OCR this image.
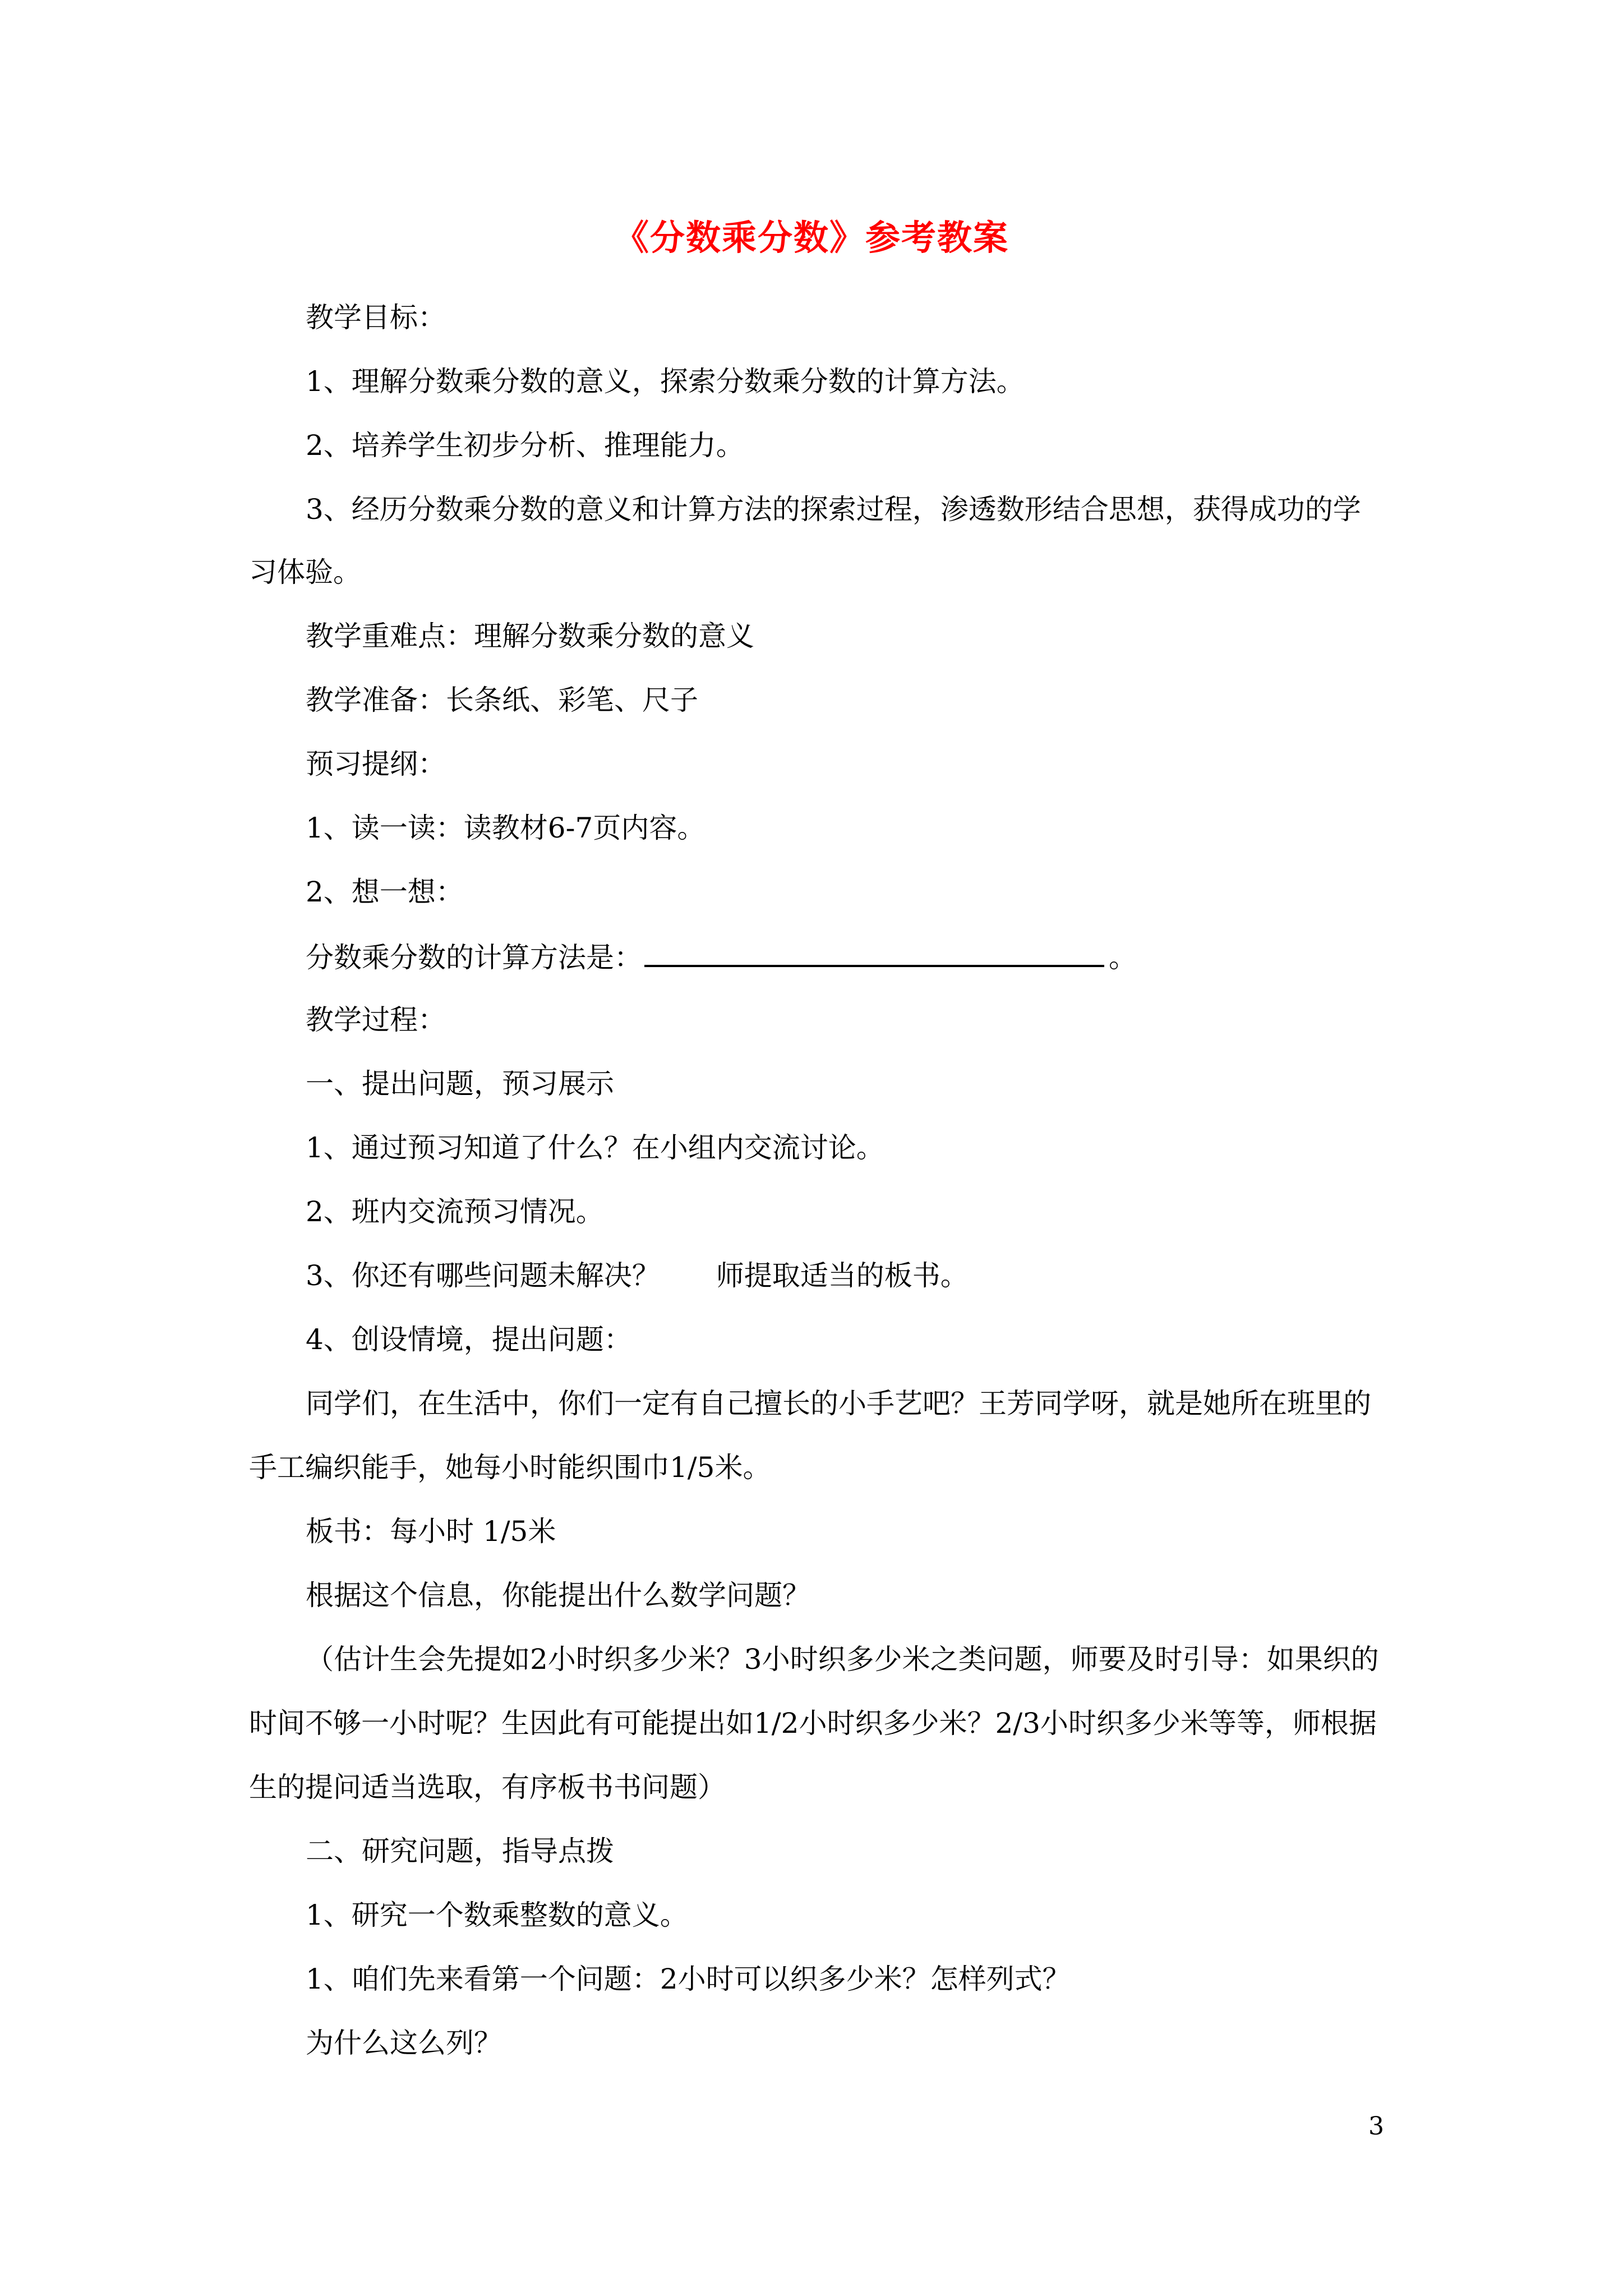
《分数乘分数》参考教案
教学目标：
1、理解分数乘分数的意义，探索分数乘分数的计算方法。
2、培养学生初步分析、推理能力。
3、经历分数乘分数的意义和计算方法的探索过程，渗透数形结合思想，获得成功的学
习体验。
教学重难点：理解分数乘分数的意义
教学准备：长条纸、彩笔、尺子
预习提纲：
1、读一读：读教材6-7页内容。
2、想一想：
分数乘分数的计算方法是：	。
教学过程：
一、提出问题，预习展示
1、通过预习知道了什么？在小组内交流讨论。
2、班内交流预习情况。
3、你还有哪些问题未解决？　　师提取适当的板书。
4、创设情境，提出问题：
同学们，在生活中，你们一定有自己擅长的小手艺吧？王芳同学呀，就是她所在班里的
手工编织能手，她每小时能织围巾1/5米。
板书：每小时 1/5米
根据这个信息，你能提出什么数学问题？
（估计生会先提如2小时织多少米？3小时织多少米之类问题，师要及时引导：如果织的
时间不够一小时呢？生因此有可能提出如1/2小时织多少米？2/3小时织多少米等等，师根据
生的提问适当选取，有序板书书问题）
二、研究问题，指导点拨
1、研究一个数乘整数的意义。
1、咱们先来看第一个问题：2小时可以织多少米？怎样列式？
为什么这么列？
3
